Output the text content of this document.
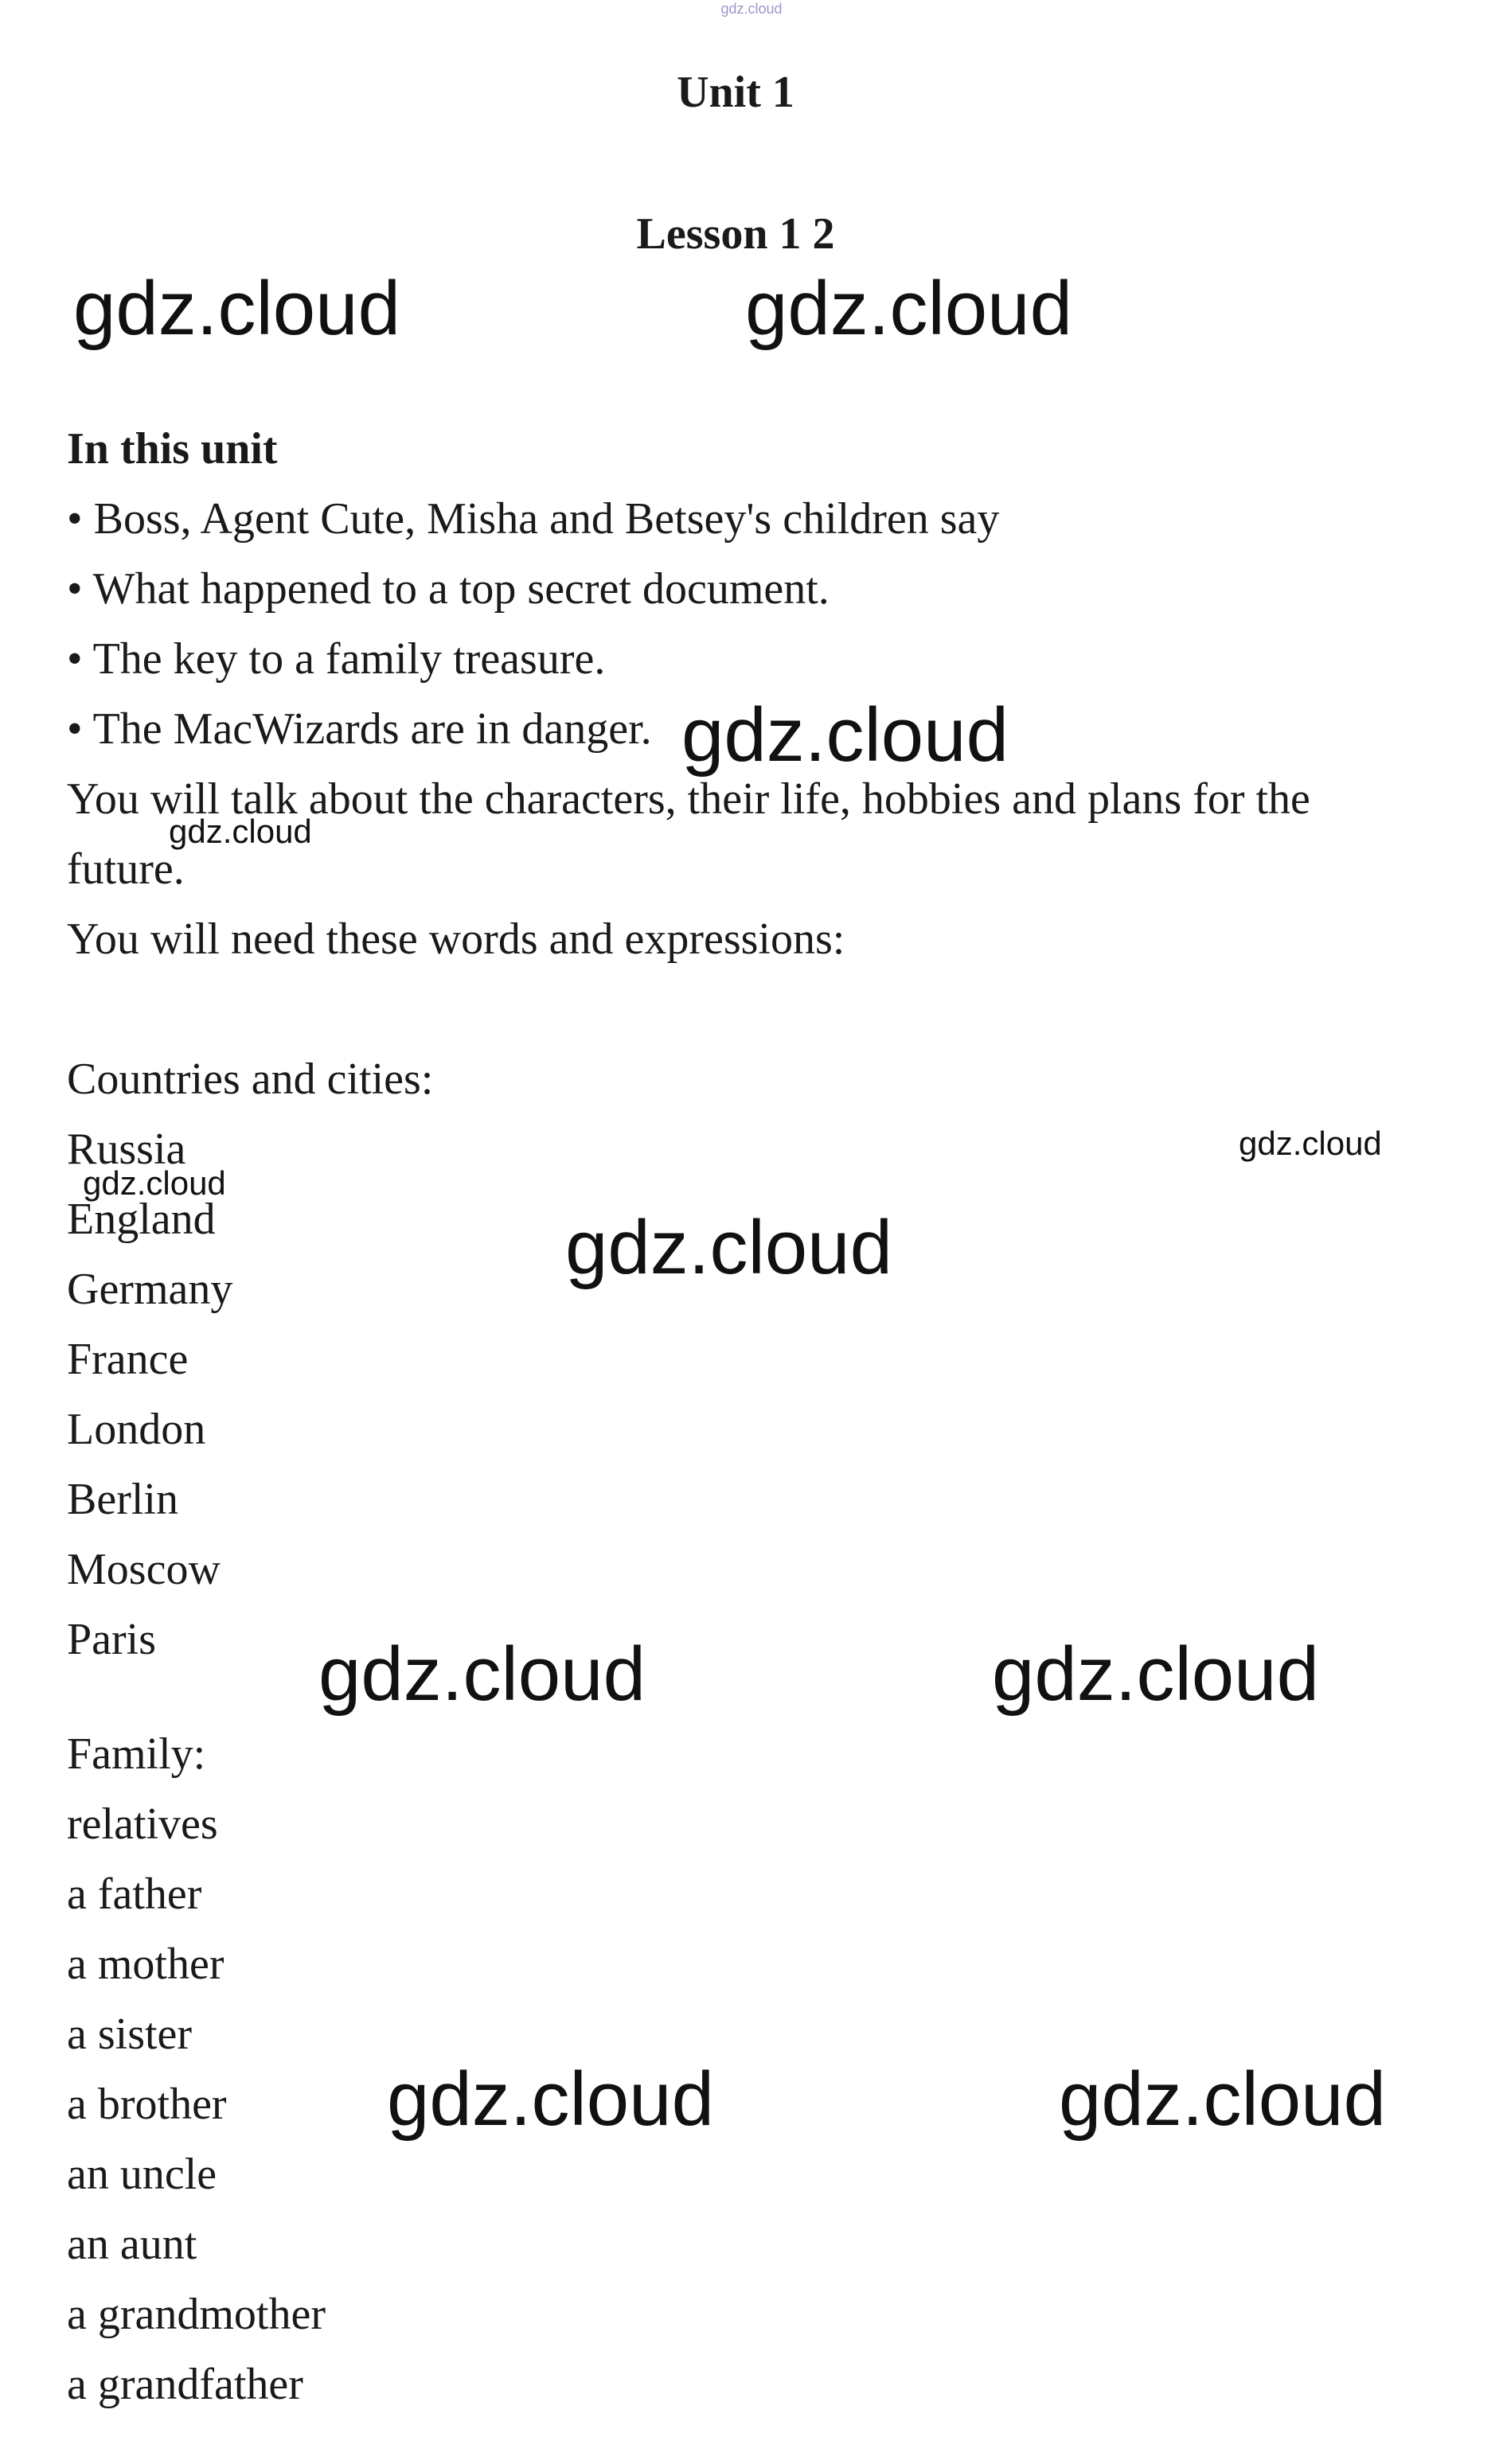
gdz.cloud
Unit 1
Lesson 1 2

In this unit

• Boss, Agent Cute, Misha and Betsey's children say

• What happened to a top secret document.

• The key to a family treasure.

• The MacWizards are in danger.

You will talk about the characters, their life, hobbies and plans for the future.

You will need these words and expressions:

Countries and cities:

Russia

England

Germany

France

London

Berlin

Moscow

Paris

Family:

relatives

a father

a mother

a sister

a brother

an uncle

an aunt

a grandmother

a grandfather

gdz.cloud	gdz.cloud
gdz.cloud
gdz.cloud
gdz.cloud
gdz.cloud
gdz.cloud
gdz.cloud	gdz.cloud
gdz.cloud	gdz.cloud
